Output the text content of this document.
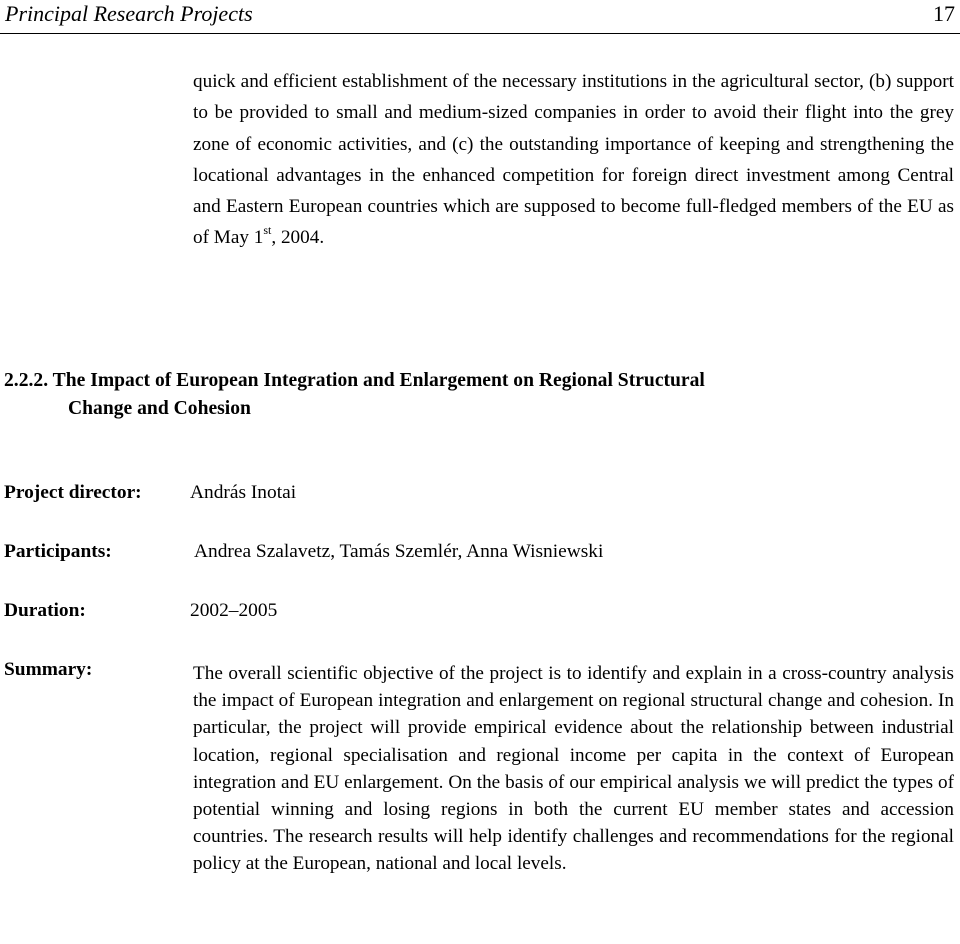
Principal Research Projects	17

quick and efficient establishment of the necessary institutions in the agricultural sector, (b) support to be provided to small and medium-sized companies in order to avoid their flight into the grey zone of economic activities, and (c) the outstanding importance of keeping and strengthening the locational advantages in the enhanced competition for foreign direct investment among Central and Eastern European countries which are supposed to become full-fledged members of the EU as of May 1st, 2004.

2.2.2. The Impact of European Integration and Enlargement on Regional Structural
Change and Cohesion
Project director: András Inotai
Participants:	Andrea Szalavetz, Tamás Szemlér, Anna Wisniewski
Duration:	2002–2005
Summary:	The overall scientific objective of the project is to identify and explain in a cross-country analysis the impact of European integration and enlargement on regional structural change and cohesion. In particular, the project will provide empirical evidence about the relationship between industrial location, regional specialisation and regional income per capita in the context of European integration and EU enlargement. On the basis of our empirical analysis we will predict the types of potential winning and losing regions in both the current EU member states and accession countries. The research results will help identify challenges and recommendations for the regional policy at the European, national and local levels.
